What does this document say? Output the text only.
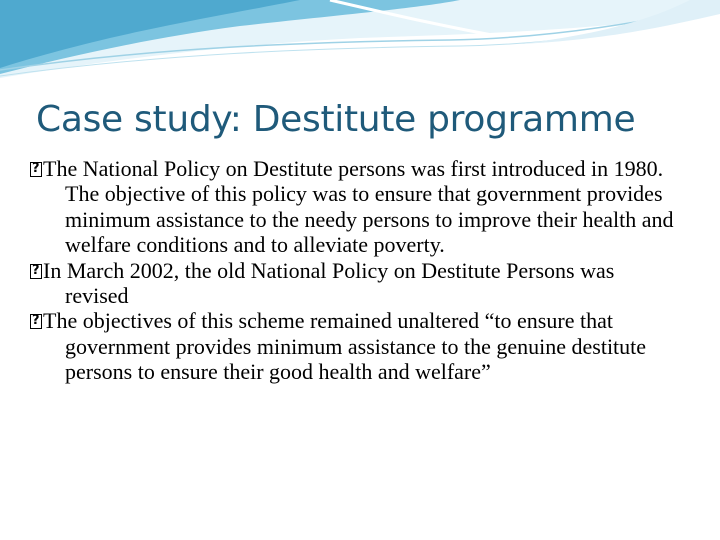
Case study: Destitute programme

?The National Policy on Destitute persons was first introduced in 1980. The objective of this policy was to ensure that government provides minimum assistance to the needy persons to improve their health and welfare conditions and to alleviate poverty.

?In March 2002, the old National Policy on Destitute Persons was revised

?The objectives of this scheme remained unaltered “to ensure that government provides minimum assistance to the genuine destitute persons to ensure their good health and welfare”
